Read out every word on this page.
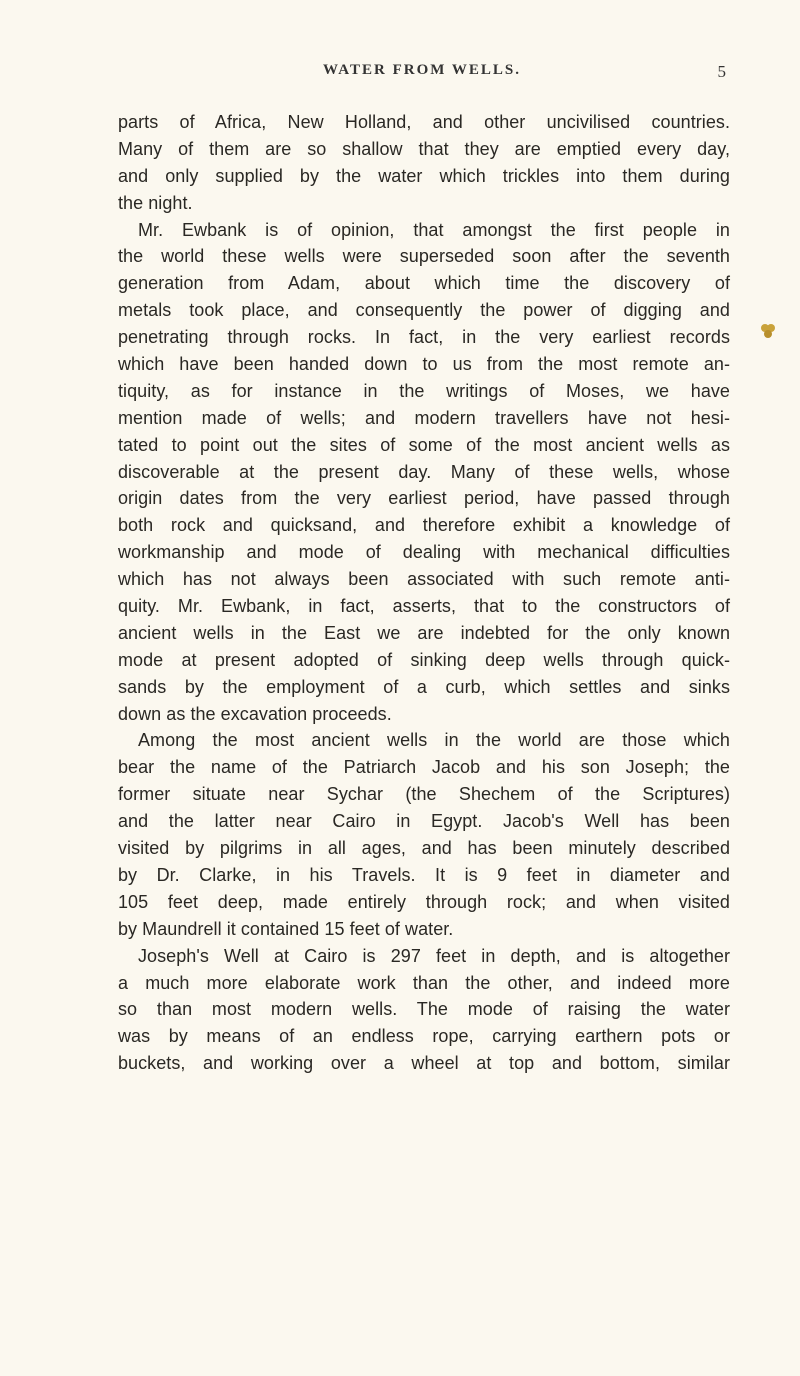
WATER FROM WELLS.	5
parts of Africa, New Holland, and other uncivilised countries.
Many of them are so shallow that they are emptied every day,
and only supplied by the water which trickles into them during
the night.
Mr. Ewbank is of opinion, that amongst the first people in
the world these wells were superseded soon after the seventh
generation from Adam, about which time the discovery of
metals took place, and consequently the power of digging and
penetrating through rocks. In fact, in the very earliest records
which have been handed down to us from the most remote an-
tiquity, as for instance in the writings of Moses, we have
mention made of wells; and modern travellers have not hesi-
tated to point out the sites of some of the most ancient wells as
discoverable at the present day. Many of these wells, whose
origin dates from the very earliest period, have passed through
both rock and quicksand, and therefore exhibit a knowledge of
workmanship and mode of dealing with mechanical difficulties
which has not always been associated with such remote anti-
quity. Mr. Ewbank, in fact, asserts, that to the constructors of
ancient wells in the East we are indebted for the only known
mode at present adopted of sinking deep wells through quick-
sands by the employment of a curb, which settles and sinks
down as the excavation proceeds.
Among the most ancient wells in the world are those which
bear the name of the Patriarch Jacob and his son Joseph; the
former situate near Sychar (the Shechem of the Scriptures)
and the latter near Cairo in Egypt. Jacob's Well has been
visited by pilgrims in all ages, and has been minutely described
by Dr. Clarke, in his Travels. It is 9 feet in diameter and
105 feet deep, made entirely through rock; and when visited
by Maundrell it contained 15 feet of water.
Joseph's Well at Cairo is 297 feet in depth, and is altogether
a much more elaborate work than the other, and indeed more
so than most modern wells. The mode of raising the water
was by means of an endless rope, carrying earthern pots or
buckets, and working over a wheel at top and bottom, similar
